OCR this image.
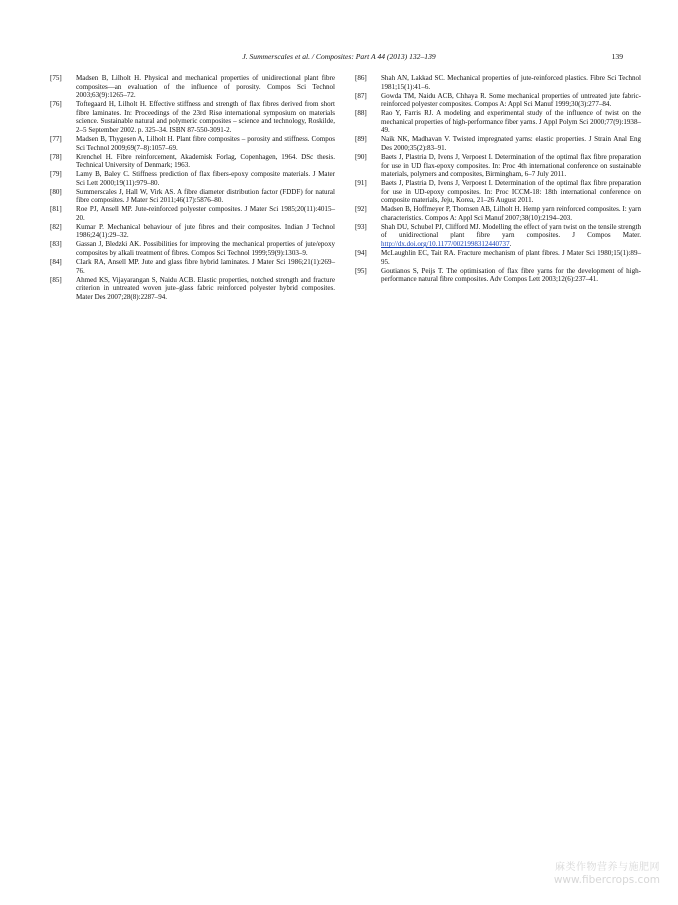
J. Summerscales et al. / Composites: Part A 44 (2013) 132–139	139
[75] Madsen B, Lilholt H. Physical and mechanical properties of unidirectional plant fibre composites—an evaluation of the influence of porosity. Compos Sci Technol 2003;63(9):1265–72.
[76] Toftegaard H, Lilholt H. Effective stiffness and strength of flax fibres derived from short fibre laminates. In: Proceedings of the 23rd Risø international symposium on materials science. Sustainable natural and polymeric composites – science and technology, Roskilde, 2–5 September 2002. p. 325–34. ISBN 87-550-3091-2.
[77] Madsen B, Thygesen A, Lilholt H. Plant fibre composites – porosity and stiffness. Compos Sci Technol 2009;69(7–8):1057–69.
[78] Krenchel H. Fibre reinforcement, Akademisk Forlag, Copenhagen, 1964. DSc thesis. Technical University of Denmark; 1963.
[79] Lamy B, Baley C. Stiffness prediction of flax fibers-epoxy composite materials. J Mater Sci Lett 2000;19(11):979–80.
[80] Summerscales J, Hall W, Virk AS. A fibre diameter distribution factor (FDDF) for natural fibre composites. J Mater Sci 2011;46(17):5876–80.
[81] Roe PJ, Ansell MP. Jute-reinforced polyester composites. J Mater Sci 1985;20(11):4015–20.
[82] Kumar P. Mechanical behaviour of jute fibres and their composites. Indian J Technol 1986;24(1):29–32.
[83] Gassan J, Bledzki AK. Possibilities for improving the mechanical properties of jute/epoxy composites by alkali treatment of fibres. Compos Sci Technol 1999;59(9):1303–9.
[84] Clark RA, Ansell MP. Jute and glass fibre hybrid laminates. J Mater Sci 1986;21(1):269–76.
[85] Ahmed KS, Vijayarangan S, Naidu ACB. Elastic properties, notched strength and fracture criterion in untreated woven jute–glass fabric reinforced polyester hybrid composites. Mater Des 2007;28(8):2287–94.
[86] Shah AN, Lakkad SC. Mechanical properties of jute-reinforced plastics. Fibre Sci Technol 1981;15(1):41–6.
[87] Gowda TM, Naidu ACB, Chhaya R. Some mechanical properties of untreated jute fabric-reinforced polyester composites. Compos A: Appl Sci Manuf 1999;30(3):277–84.
[88] Rao Y, Farris RJ. A modeling and experimental study of the influence of twist on the mechanical properties of high-performance fiber yarns. J Appl Polym Sci 2000;77(9):1938–49.
[89] Naik NK, Madhavan V. Twisted impregnated yarns: elastic properties. J Strain Anal Eng Des 2000;35(2):83–91.
[90] Baets J, Plastria D, Ivens J, Verpoest I. Determination of the optimal flax fibre preparation for use in UD flax-epoxy composites. In: Proc 4th international conference on sustainable materials, polymers and composites, Birmingham, 6–7 July 2011.
[91] Baets J, Plastria D, Ivens J, Verpoest I. Determination of the optimal flax fibre preparation for use in UD-epoxy composites. In: Proc ICCM-18: 18th international conference on composite materials, Jeju, Korea, 21–26 August 2011.
[92] Madsen B, Hoffmeyer P, Thomsen AB, Lilholt H. Hemp yarn reinforced composites. I: yarn characteristics. Compos A: Appl Sci Manuf 2007;38(10):2194–203.
[93] Shah DU, Schubel PJ, Clifford MJ. Modelling the effect of yarn twist on the tensile strength of unidirectional plant fibre yarn composites. J Compos Mater. http://dx.doi.org/10.1177/0021998312440737.
[94] McLaughlin EC, Tait RA. Fracture mechanism of plant fibres. J Mater Sci 1980;15(1):89–95.
[95] Goutianos S, Peijs T. The optimisation of flax fibre yarns for the development of high-performance natural fibre composites. Adv Compos Lett 2003;12(6):237–41.
麻类作物营养与施肥网
www.fibercrops.com
